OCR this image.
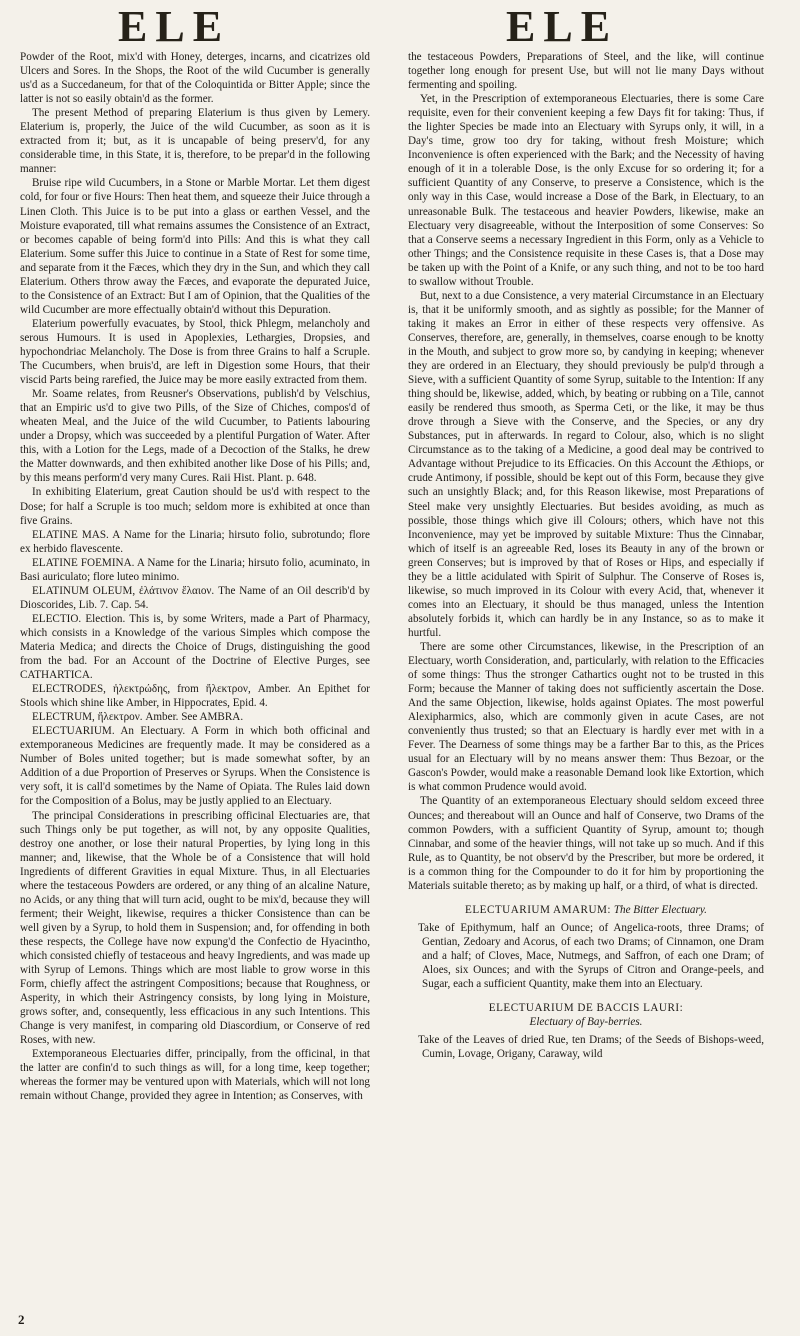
ELE	ELE

Powder of the Root, mix'd with Honey, deterges, incarns, and cicatrizes old Ulcers and Sores. In the Shops, the Root of the wild Cucumber is generally us'd as a Succedaneum, for that of the Coloquintida or Bitter Apple; since the latter is not so easily obtain'd as the former.

The present Method of preparing Elaterium is thus given by Lemery. Elaterium is, properly, the Juice of the wild Cucumber, as soon as it is extracted from it; but, as it is uncapable of being preserv'd, for any considerable time, in this State, it is, therefore, to be prepar'd in the following manner:

Bruise ripe wild Cucumbers, in a Stone or Marble Mortar. Let them digest cold, for four or five Hours: Then heat them, and squeeze their Juice through a Linen Cloth. This Juice is to be put into a glass or earthen Vessel, and the Moisture evaporated, till what remains assumes the Consistence of an Extract, or becomes capable of being form'd into Pills: And this is what they call Elaterium. Some suffer this Juice to continue in a State of Rest for some time, and separate from it the Fæces, which they dry in the Sun, and which they call Elaterium. Others throw away the Fæces, and evaporate the depurated Juice, to the Consistence of an Extract: But I am of Opinion, that the Qualities of the wild Cucumber are more effectually obtain'd without this Depuration.

Elaterium powerfully evacuates, by Stool, thick Phlegm, melancholy and serous Humours. It is used in Apoplexies, Lethargies, Dropsies, and hypochondriac Melancholy. The Dose is from three Grains to half a Scruple. The Cucumbers, when bruis'd, are left in Digestion some Hours, that their viscid Parts being rarefied, the Juice may be more easily extracted from them.

Mr. Soame relates, from Reusner's Observations, publish'd by Velschius, that an Empiric us'd to give two Pills, of the Size of Chiches, compos'd of wheaten Meal, and the Juice of the wild Cucumber, to Patients labouring under a Dropsy, which was succeeded by a plentiful Purgation of Water. After this, with a Lotion for the Legs, made of a Decoction of the Stalks, he drew the Matter downwards, and then exhibited another like Dose of his Pills; and, by this means perform'd very many Cures. Raii Hist. Plant. p. 648.

In exhibiting Elaterium, great Caution should be us'd with respect to the Dose; for half a Scruple is too much; seldom more is exhibited at once than five Grains.

ELATINE MAS. A Name for the Linaria; hirsuto folio, subrotundo; flore ex herbido flavescente.

ELATINE FOEMINA. A Name for the Linaria; hirsuto folio, acuminato, in Basi auriculato; flore luteo minimo.

ELATINUM OLEUM, ἐλάτινον ἔλαιον. The Name of an Oil describ'd by Dioscorides, Lib. 7. Cap. 54.

ELECTIO. Election. This is, by some Writers, made a Part of Pharmacy, which consists in a Knowledge of the various Simples which compose the Materia Medica; and directs the Choice of Drugs, distinguishing the good from the bad. For an Account of the Doctrine of Elective Purges, see CATHARTICA.

ELECTRODES, ἠλεκτρώδης, from ἤλεκτρον, Amber. An Epithet for Stools which shine like Amber, in Hippocrates, Epid. 4.

ELECTRUM, ἤλεκτρον. Amber. See AMBRA.

ELECTUARIUM. An Electuary. A Form in which both officinal and extemporaneous Medicines are frequently made. It may be considered as a Number of Boles united together; but is made somewhat softer, by an Addition of a due Proportion of Preserves or Syrups. When the Consistence is very soft, it is call'd sometimes by the Name of Opiata. The Rules laid down for the Composition of a Bolus, may be justly applied to an Electuary.

The principal Considerations in prescribing officinal Electuaries are, that such Things only be put together, as will not, by any opposite Qualities, destroy one another, or lose their natural Properties, by lying long in this manner; and, likewise, that the Whole be of a Consistence that will hold Ingredients of different Gravities in equal Mixture. Thus, in all Electuaries where the testaceous Powders are ordered, or any thing of an alcaline Nature, no Acids, or any thing that will turn acid, ought to be mix'd, because they will ferment; their Weight, likewise, requires a thicker Consistence than can be well given by a Syrup, to hold them in Suspension; and, for offending in both these respects, the College have now expung'd the Confectio de Hyacintho, which consisted chiefly of testaceous and heavy Ingredients, and was made up with Syrup of Lemons. Things which are most liable to grow worse in this Form, chiefly affect the astringent Compositions; because that Roughness, or Asperity, in which their Astringency consists, by long lying in Moisture, grows softer, and, consequently, less efficacious in any such Intentions. This Change is very manifest, in comparing old Diascordium, or Conserve of red Roses, with new.

Extemporaneous Electuaries differ, principally, from the officinal, in that the latter are confin'd to such things as will, for a long time, keep together; whereas the former may be ventured upon with Materials, which will not long remain without Change, provided they agree in Intention; as Conserves, with

the testaceous Powders, Preparations of Steel, and the like, will continue together long enough for present Use, but will not lie many Days without fermenting and spoiling.

Yet, in the Prescription of extemporaneous Electuaries, there is some Care requisite, even for their convenient keeping a few Days fit for taking: Thus, if the lighter Species be made into an Electuary with Syrups only, it will, in a Day's time, grow too dry for taking, without fresh Moisture; which Inconvenience is often experienced with the Bark; and the Necessity of having enough of it in a tolerable Dose, is the only Excuse for so ordering it; for a sufficient Quantity of any Conserve, to preserve a Consistence, which is the only way in this Case, would increase a Dose of the Bark, in Electuary, to an unreasonable Bulk. The testaceous and heavier Powders, likewise, make an Electuary very disagreeable, without the Interposition of some Conserves: So that a Conserve seems a necessary Ingredient in this Form, only as a Vehicle to other Things; and the Consistence requisite in these Cases is, that a Dose may be taken up with the Point of a Knife, or any such thing, and not to be too hard to swallow without Trouble.

But, next to a due Consistence, a very material Circumstance in an Electuary is, that it be uniformly smooth, and as sightly as possible; for the Manner of taking it makes an Error in either of these respects very offensive. As Conserves, therefore, are, generally, in themselves, coarse enough to be knotty in the Mouth, and subject to grow more so, by candying in keeping; whenever they are ordered in an Electuary, they should previously be pulp'd through a Sieve, with a sufficient Quantity of some Syrup, suitable to the Intention: If any thing should be, likewise, added, which, by beating or rubbing on a Tile, cannot easily be rendered thus smooth, as Sperma Ceti, or the like, it may be thus drove through a Sieve with the Conserve, and the Species, or any dry Substances, put in afterwards. In regard to Colour, also, which is no slight Circumstance as to the taking of a Medicine, a good deal may be contrived to Advantage without Prejudice to its Efficacies. On this Account the Æthiops, or crude Antimony, if possible, should be kept out of this Form, because they give such an unsightly Black; and, for this Reason likewise, most Preparations of Steel make very unsightly Electuaries. But besides avoiding, as much as possible, those things which give ill Colours; others, which have not this Inconvenience, may yet be improved by suitable Mixture: Thus the Cinnabar, which of itself is an agreeable Red, loses its Beauty in any of the brown or green Conserves; but is improved by that of Roses or Hips, and especially if they be a little acidulated with Spirit of Sulphur. The Conserve of Roses is, likewise, so much improved in its Colour with every Acid, that, whenever it comes into an Electuary, it should be thus managed, unless the Intention absolutely forbids it, which can hardly be in any Instance, so as to make it hurtful.

There are some other Circumstances, likewise, in the Prescription of an Electuary, worth Consideration, and, particularly, with relation to the Efficacies of some things: Thus the stronger Cathartics ought not to be trusted in this Form; because the Manner of taking does not sufficiently ascertain the Dose. And the same Objection, likewise, holds against Opiates. The most powerful Alexipharmics, also, which are commonly given in acute Cases, are not conveniently thus trusted; so that an Electuary is hardly ever met with in a Fever. The Dearness of some things may be a farther Bar to this, as the Prices usual for an Electuary will by no means answer them: Thus Bezoar, or the Gascon's Powder, would make a reasonable Demand look like Extortion, which is what common Prudence would avoid.

The Quantity of an extemporaneous Electuary should seldom exceed three Ounces; and thereabout will an Ounce and half of Conserve, two Drams of the common Powders, with a sufficient Quantity of Syrup, amount to; though Cinnabar, and some of the heavier things, will not take up so much. And if this Rule, as to Quantity, be not observ'd by the Prescriber, but more be ordered, it is a common thing for the Compounder to do it for him by proportioning the Materials suitable thereto; as by making up half, or a third, of what is directed.

ELECTUARIUM AMARUM: The Bitter Electuary.

Take of Epithymum, half an Ounce; of Angelica-roots, three Drams; of Gentian, Zedoary and Acorus, of each two Drams; of Cinnamon, one Dram and a half; of Cloves, Mace, Nutmegs, and Saffron, of each one Dram; of Aloes, six Ounces; and with the Syrups of Citron and Orange-peels, and Sugar, each a sufficient Quantity, make them into an Electuary.

ELECTUARIUM DE BACCIS LAURI:
Electuary of Bay-berries.

Take of the Leaves of dried Rue, ten Drams; of the Seeds of Bishops-weed, Cumin, Lovage, Origany, Caraway, wild

2
